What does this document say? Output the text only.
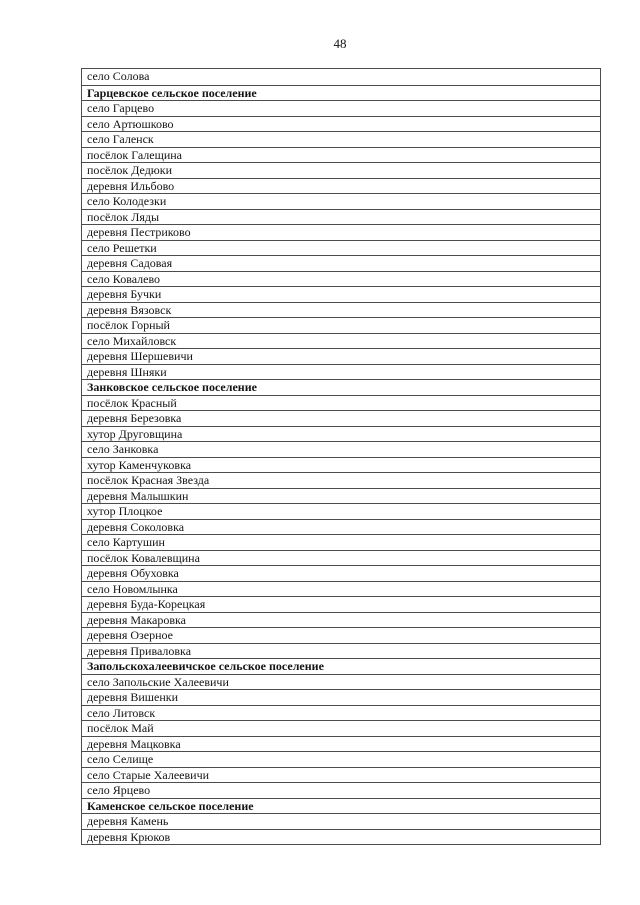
48
село Солова
Гарцевское сельское поселение
село Гарцево
село Артюшково
село Галенск
посёлок Галещина
посёлок Дедюки
деревня Ильбово
село Колодезки
посёлок Ляды
деревня Пестриково
село Решетки
деревня Садовая
село Ковалево
деревня Бучки
деревня Вязовск
посёлок Горный
село Михайловск
деревня Шершевичи
деревня Шняки
Занковское сельское поселение
посёлок Красный
деревня Березовка
хутор Друговщина
село Занковка
хутор Каменчуковка
посёлок Красная Звезда
деревня Малышкин
хутор Плоцкое
деревня Соколовка
село Картушин
посёлок Ковалевщина
деревня Обуховка
село Новомлынка
деревня Буда-Корецкая
деревня Макаровка
деревня Озерное
деревня Приваловка
Запольскохалеевичское сельское поселение
село Запольские Халеевичи
деревня Вишенки
село Литовск
посёлок Май
деревня Мацковка
село Селище
село Старые Халеевичи
село Ярцево
Каменское сельское поселение
деревня Камень
деревня Крюков
